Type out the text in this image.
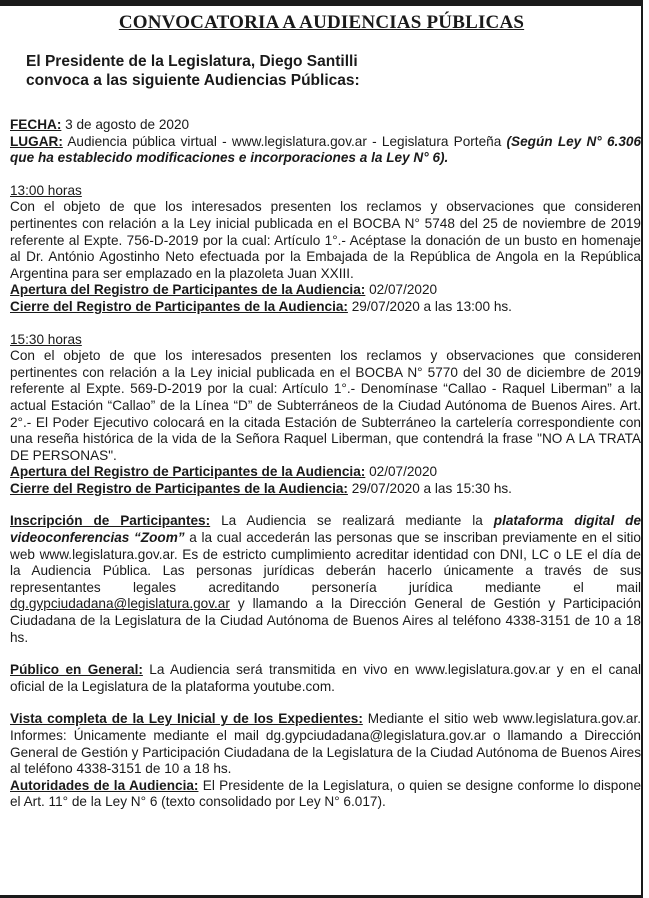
CONVOCATORIA A AUDIENCIAS PÚBLICAS
El Presidente de la Legislatura, Diego Santilli
convoca a las siguiente Audiencias Públicas:

FECHA: 3 de agosto de 2020

LUGAR: Audiencia pública virtual - www.legislatura.gov.ar - Legislatura Porteña (Según Ley N° 6.306 que ha establecido modificaciones e incorporaciones a la Ley N° 6).

13:00 horas

Con el objeto de que los interesados presenten los reclamos y observaciones que consideren pertinentes con relación a la Ley inicial publicada en el BOCBA N° 5748 del 25 de noviembre de 2019 referente al Expte. 756-D-2019 por la cual: Artículo 1°.- Acéptase la donación de un busto en homenaje al Dr. António Agostinho Neto efectuada por la Embajada de la República de Angola en la República Argentina para ser emplazado en la plazoleta Juan XXIII.

Apertura del Registro de Participantes de la Audiencia: 02/07/2020

Cierre del Registro de Participantes de la Audiencia: 29/07/2020 a las 13:00 hs.

15:30 horas

Con el objeto de que los interesados presenten los reclamos y observaciones que consideren pertinentes con relación a la Ley inicial publicada en el BOCBA N° 5770 del 30 de diciembre de 2019 referente al Expte. 569-D-2019 por la cual: Artículo 1°.- Denomínase “Callao - Raquel Liberman” a la actual Estación “Callao” de la Línea “D” de Subterráneos de la Ciudad Autónoma de Buenos Aires. Art. 2°.- El Poder Ejecutivo colocará en la citada Estación de Subterráneo la cartelería correspondiente con una reseña histórica de la vida de la Señora Raquel Liberman, que contendrá la frase "NO A LA TRATA DE PERSONAS".

Apertura del Registro de Participantes de la Audiencia: 02/07/2020

Cierre del Registro de Participantes de la Audiencia: 29/07/2020 a las 15:30 hs.

Inscripción de Participantes: La Audiencia se realizará mediante la plataforma digital de videoconferencias “Zoom” a la cual accederán las personas que se inscriban previamente en el sitio web www.legislatura.gov.ar. Es de estricto cumplimiento acreditar identidad con DNI, LC o LE el día de la Audiencia Pública. Las personas jurídicas deberán hacerlo únicamente a través de sus representantes legales acreditando personería jurídica mediante el mail dg.gypciudadana@legislatura.gov.ar y llamando a la Dirección General de Gestión y Participación Ciudadana de la Legislatura de la Ciudad Autónoma de Buenos Aires al teléfono 4338-3151 de 10 a 18 hs.

Público en General: La Audiencia será transmitida en vivo en www.legislatura.gov.ar y en el canal oficial de la Legislatura de la plataforma youtube.com.

Vista completa de la Ley Inicial y de los Expedientes: Mediante el sitio web www.legislatura.gov.ar. Informes: Únicamente mediante el mail dg.gypciudadana@legislatura.gov.ar o llamando a Dirección General de Gestión y Participación Ciudadana de la Legislatura de la Ciudad Autónoma de Buenos Aires al teléfono 4338-3151 de 10 a 18 hs.

Autoridades de la Audiencia: El Presidente de la Legislatura, o quien se designe conforme lo dispone el Art. 11° de la Ley N° 6 (texto consolidado por Ley N° 6.017).
